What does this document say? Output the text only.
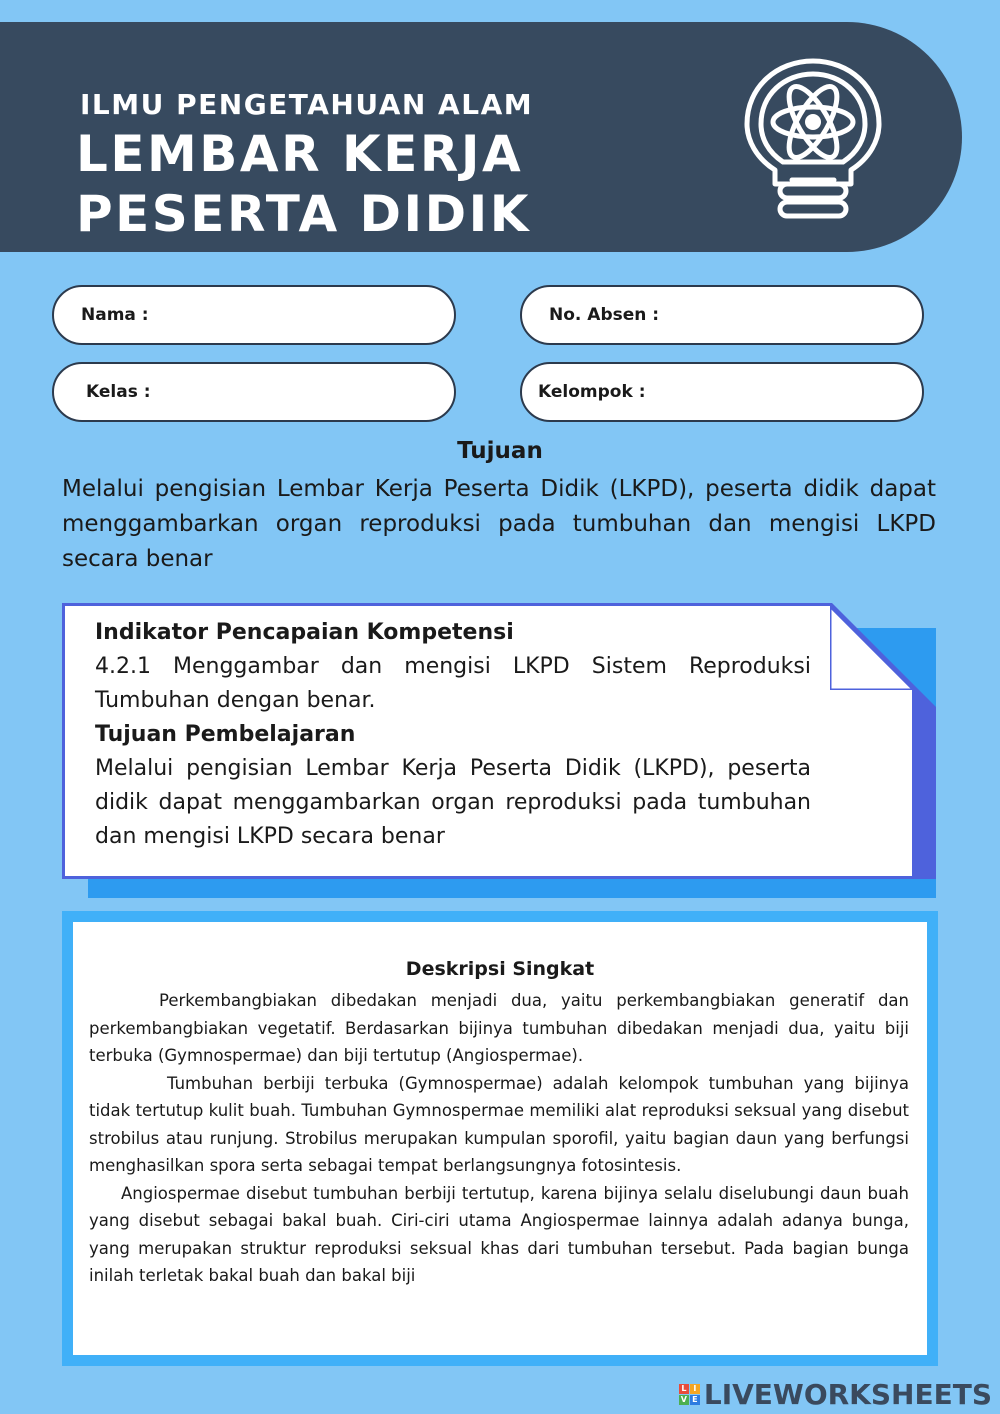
ILMU PENGETAHUAN ALAM
LEMBAR KERJA
PESERTA DIDIK
Nama :	No. Absen :
Kelas :	Kelompok :
Tujuan

Melalui pengisian Lembar Kerja Peserta Didik (LKPD), peserta didik dapat menggambarkan organ reproduksi pada tumbuhan dan mengisi LKPD secara benar

Indikator Pencapaian Kompetensi

4.2.1 Menggambar dan mengisi LKPD Sistem Reproduksi Tumbuhan dengan benar.

Tujuan Pembelajaran

Melalui pengisian Lembar Kerja Peserta Didik (LKPD), peserta didik dapat menggambarkan organ reproduksi pada tumbuhan dan mengisi LKPD secara benar

Deskripsi Singkat

Perkembangbiakan dibedakan menjadi dua, yaitu perkembangbiakan generatif dan perkembangbiakan vegetatif. Berdasarkan bijinya tumbuhan dibedakan menjadi dua, yaitu biji terbuka (Gymnospermae) dan biji tertutup (Angiospermae).

Tumbuhan berbiji terbuka (Gymnospermae) adalah kelompok tumbuhan yang bijinya tidak tertutup kulit buah. Tumbuhan Gymnospermae memiliki alat reproduksi seksual yang disebut strobilus atau runjung. Strobilus merupakan kumpulan sporofil, yaitu bagian daun yang berfungsi menghasilkan spora serta sebagai tempat berlangsungnya fotosintesis.

Angiospermae disebut tumbuhan berbiji tertutup, karena bijinya selalu diselubungi daun buah yang disebut sebagai bakal buah. Ciri-ciri utama Angiospermae lainnya adalah adanya bunga, yang merupakan struktur reproduksi seksual khas dari tumbuhan tersebut. Pada bagian bunga inilah terletak bakal buah dan bakal biji

L I
V E LIVEWORKSHEETS
